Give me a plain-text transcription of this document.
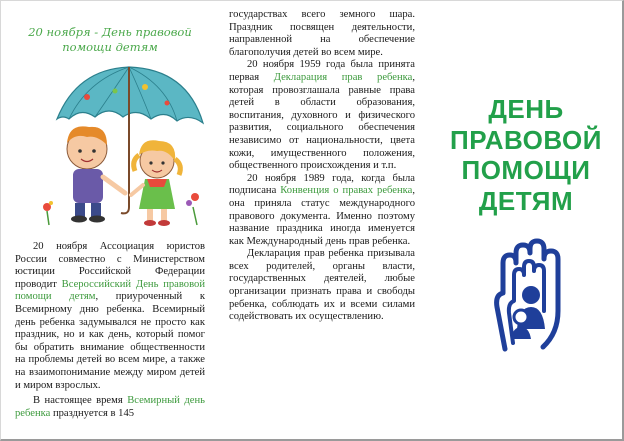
20 ноября - День правовой помощи детям

20 ноября Ассоциация юристов России совместно с Министерством юстиции Российской Федерации проводит Всероссийский День правовой помощи детям, приуроченный к Всемирному дню ребенка. Всемирный день ребенка задумывался не просто как праздник, но и как день, который помог бы обратить внимание общественности на проблемы детей во всем мире, а также на взаимопонимание между миром детей и миром взрослых.

В настоящее время Всемирный день ребенка празднуется в 145

государствах всего земного шара. Праздник посвящен деятельности, направленной на обеспечение благополучия детей во всем мире.

20 ноября 1959 года была принята первая Декларация прав ребенка, которая провозглашала равные права детей в области образования, воспитания, духовного и физического развития, социального обеспечения независимо от национальности, цвета кожи, имущественного положения, общественного происхождения и т.п.

20 ноября 1989 года, когда была подписана Конвенция о правах ребенка, она приняла статус международного правового документа. Именно поэтому название праздника иногда именуется как Международный день прав ребенка.

Декларация прав ребенка призывала всех родителей, органы власти, государственных деятелей, любые организации признать права и свободы ребенка, соблюдать их и всеми силами содействовать их осуществлению.

ДЕНЬ
ПРАВОВОЙ
ПОМОЩИ
ДЕТЯМ
